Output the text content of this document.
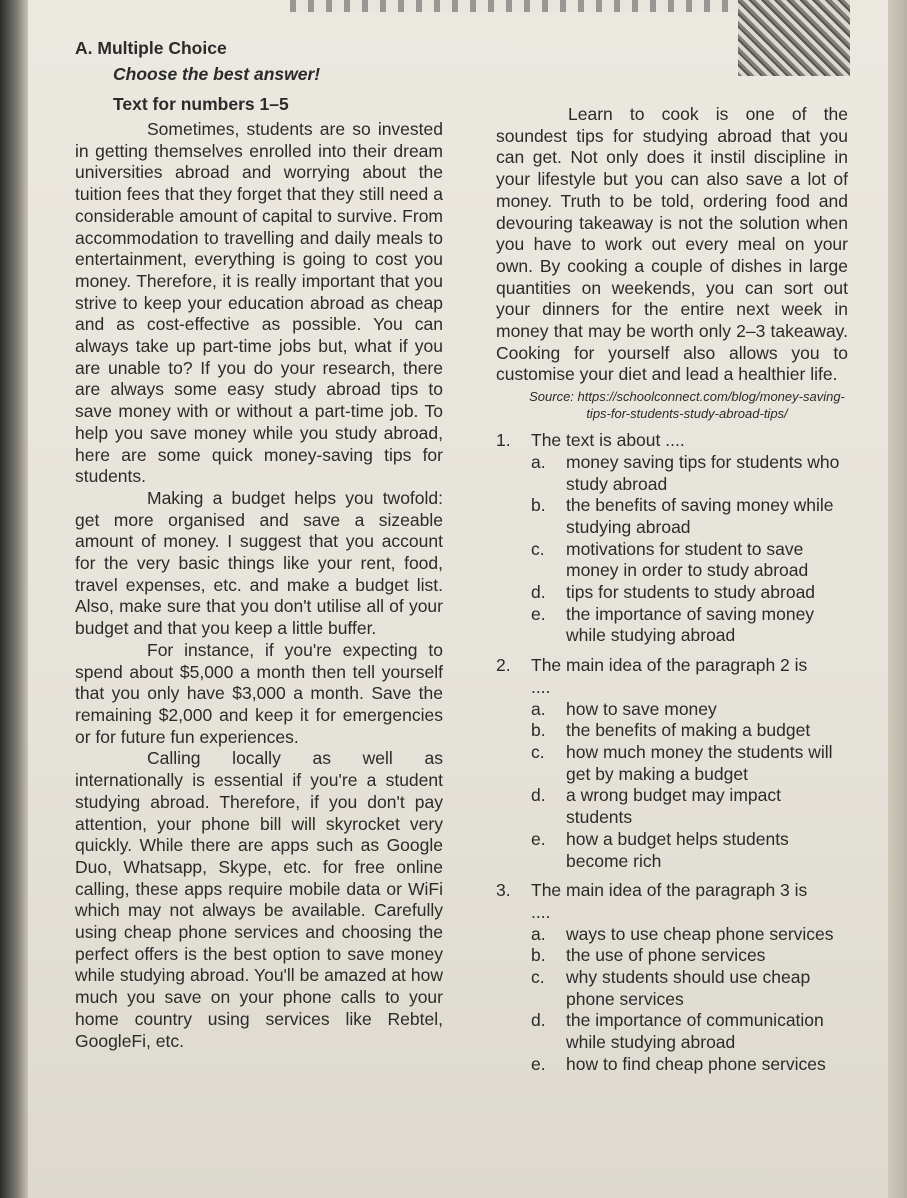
A. Multiple Choice
Choose the best answer!
Text for numbers 1–5

Sometimes, students are so invested in getting themselves enrolled into their dream universities abroad and worrying about the tuition fees that they forget that they still need a considerable amount of capital to survive. From accommodation to travelling and daily meals to entertainment, everything is going to cost you money. Therefore, it is really important that you strive to keep your education abroad as cheap and as cost-effective as possible. You can always take up part-time jobs but, what if you are unable to? If you do your research, there are always some easy study abroad tips to save money with or without a part-time job. To help you save money while you study abroad, here are some quick money-saving tips for students.

Making a budget helps you twofold: get more organised and save a sizeable amount of money. I suggest that you account for the very basic things like your rent, food, travel expenses, etc. and make a budget list. Also, make sure that you don't utilise all of your budget and that you keep a little buffer.

For instance, if you're expecting to spend about $5,000 a month then tell yourself that you only have $3,000 a month. Save the remaining $2,000 and keep it for emergencies or for future fun experiences.

Calling locally as well as internationally is essential if you're a student studying abroad. Therefore, if you don't pay attention, your phone bill will skyrocket very quickly. While there are apps such as Google Duo, Whatsapp, Skype, etc. for free online calling, these apps require mobile data or WiFi which may not always be available. Carefully using cheap phone services and choosing the perfect offers is the best option to save money while studying abroad. You'll be amazed at how much you save on your phone calls to your home country using services like Rebtel, GoogleFi, etc.

Learn to cook is one of the soundest tips for studying abroad that you can get. Not only does it instil discipline in your lifestyle but you can also save a lot of money. Truth to be told, ordering food and devouring takeaway is not the solution when you have to work out every meal on your own. By cooking a couple of dishes in large quantities on weekends, you can sort out your dinners for the entire next week in money that may be worth only 2–3 takeaway. Cooking for yourself also allows you to customise your diet and lead a healthier life.

Source: https://schoolconnect.com/blog/money-saving-tips-for-students-study-abroad-tips/

1. The text is about ....

a. money saving tips for students who study abroad

b. the benefits of saving money while studying abroad

c. motivations for student to save money in order to study abroad

d. tips for students to study abroad

e. the importance of saving money while studying abroad

2. The main idea of the paragraph 2 is

....

a. how to save money

b. the benefits of making a budget

c. how much money the students will get by making a budget

d. a wrong budget may impact students

e. how a budget helps students become rich

3. The main idea of the paragraph 3 is

....

a. ways to use cheap phone services

b. the use of phone services

c. why students should use cheap phone services

d. the importance of communication while studying abroad

e. how to find cheap phone services
